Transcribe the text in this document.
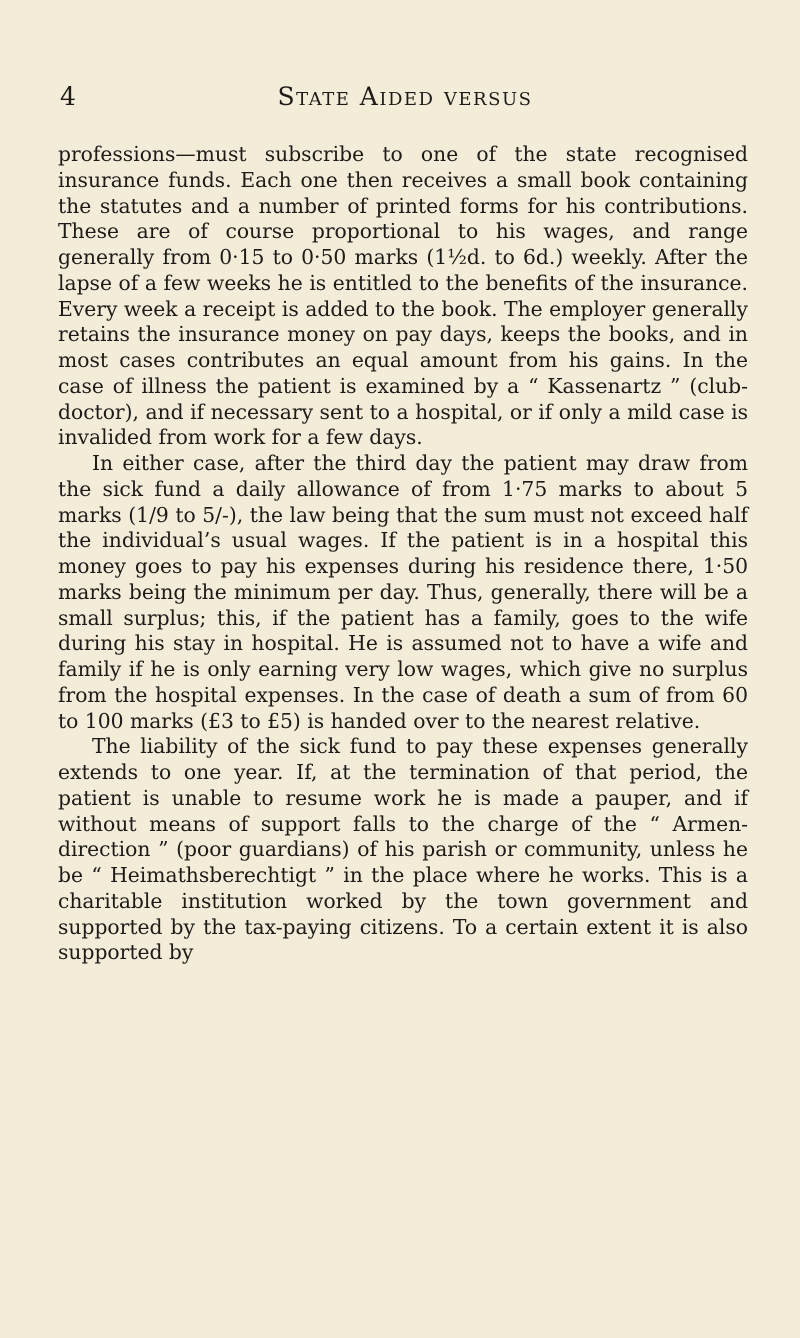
4	State Aided versus

professions—must subscribe to one of the state recognised insurance funds. Each one then receives a small book containing the statutes and a number of printed forms for his contributions. These are of course proportional to his wages, and range generally from 0·15 to 0·50 marks (1½d. to 6d.) weekly. After the lapse of a few weeks he is entitled to the benefits of the insurance. Every week a receipt is added to the book. The employer generally retains the insurance money on pay days, keeps the books, and in most cases contributes an equal amount from his gains. In the case of illness the patient is examined by a “ Kassenartz ” (club-doctor), and if necessary sent to a hospital, or if only a mild case is invalided from work for a few days.

In either case, after the third day the patient may draw from the sick fund a daily allowance of from 1·75 marks to about 5 marks (1/9 to 5/-), the law being that the sum must not exceed half the individual’s usual wages. If the patient is in a hospital this money goes to pay his expenses during his residence there, 1·50 marks being the minimum per day. Thus, generally, there will be a small surplus; this, if the patient has a family, goes to the wife during his stay in hospital. He is assumed not to have a wife and family if he is only earning very low wages, which give no surplus from the hospital expenses. In the case of death a sum of from 60 to 100 marks (£3 to £5) is handed over to the nearest relative.

The liability of the sick fund to pay these expenses generally extends to one year. If, at the termination of that period, the patient is unable to resume work he is made a pauper, and if without means of support falls to the charge of the “ Armen-direction ” (poor guardians) of his parish or community, unless he be “ Heimathsberechtigt ” in the place where he works. This is a charitable institution worked by the town government and supported by the tax-paying citizens. To a certain extent it is also supported by
